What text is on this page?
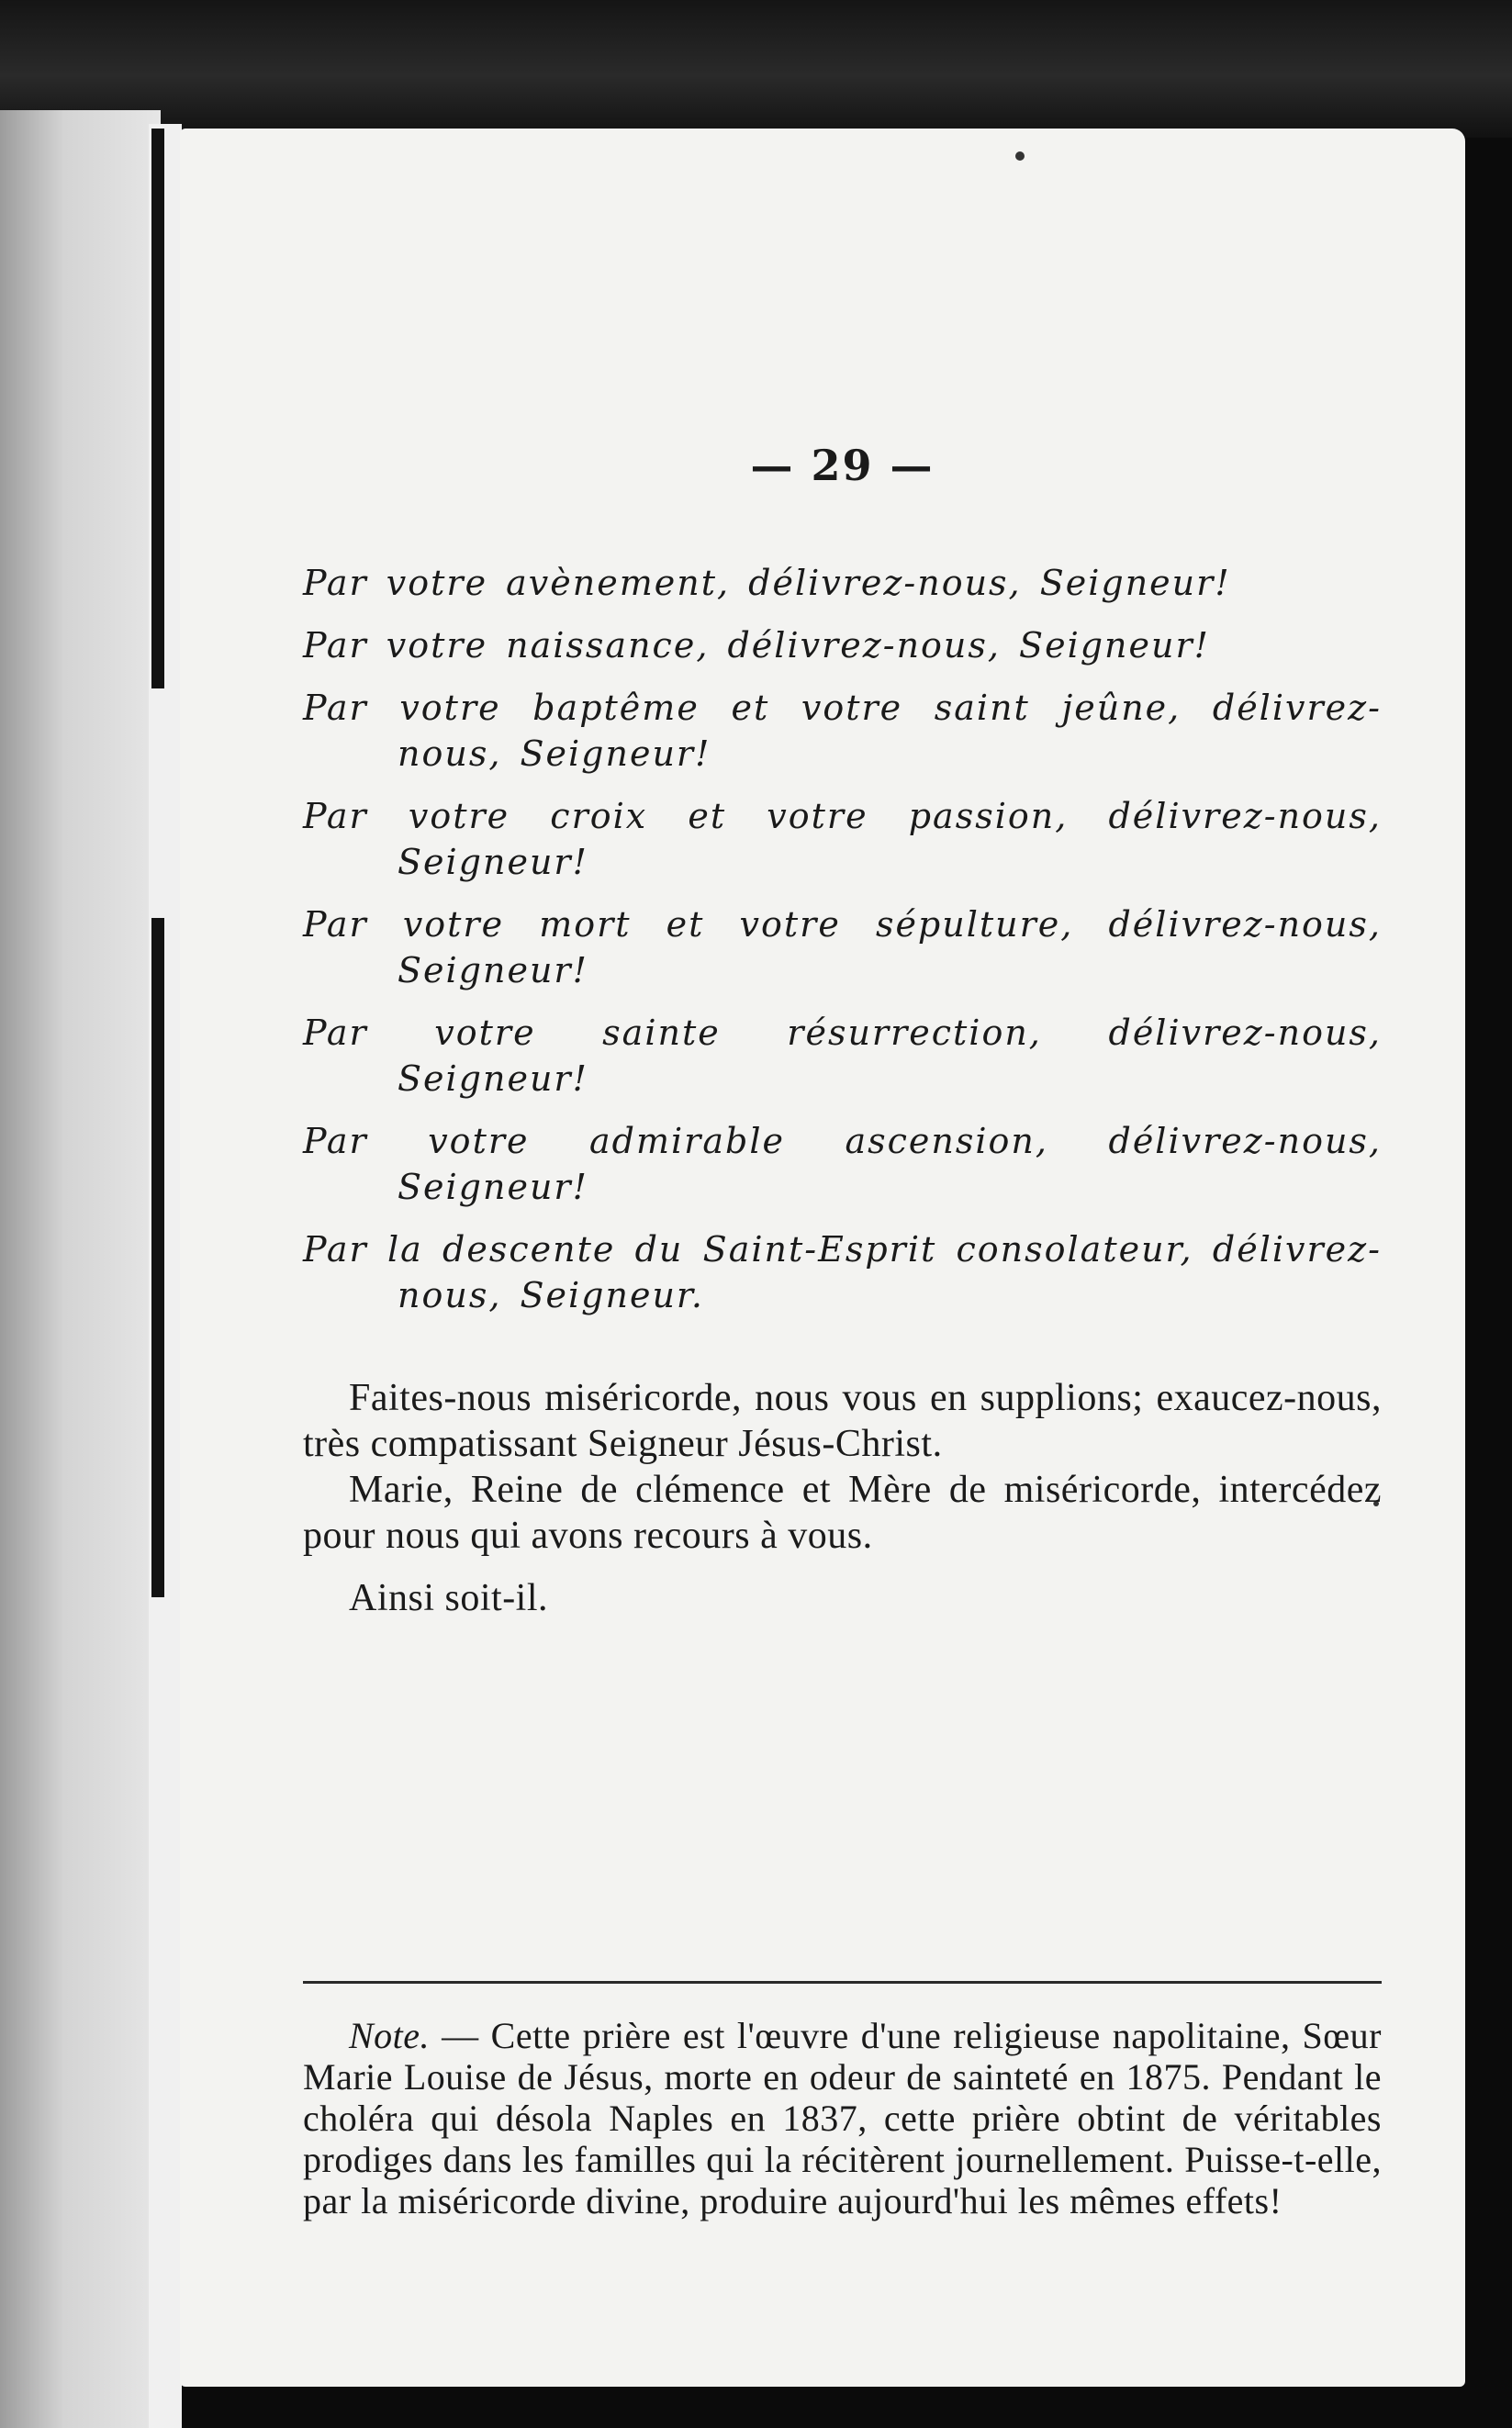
— 29 —

Par votre avènement, délivrez-nous, Seigneur!

Par votre naissance, délivrez-nous, Seigneur!

Par votre baptême et votre saint jeûne, délivrez-nous, Seigneur!

Par votre croix et votre passion, délivrez-nous, Seigneur!

Par votre mort et votre sépulture, délivrez-nous, Seigneur!

Par votre sainte résurrection, délivrez-nous, Seigneur!

Par votre admirable ascension, délivrez-nous, Seigneur!

Par la descente du Saint-Esprit consolateur, délivrez-nous, Seigneur.

Faites-nous miséricorde, nous vous en supplions; exaucez-nous, très compatissant Seigneur Jésus-Christ.

Marie, Reine de clémence et Mère de miséricorde, intercédez pour nous qui avons recours à vous.

Ainsi soit-il.

Note. — Cette prière est l'œuvre d'une religieuse napolitaine, Sœur Marie Louise de Jésus, morte en odeur de sainteté en 1875. Pendant le choléra qui désola Naples en 1837, cette prière obtint de véritables prodiges dans les familles qui la récitèrent journellement. Puisse-t-elle, par la miséricorde divine, produire aujourd'hui les mêmes effets!
